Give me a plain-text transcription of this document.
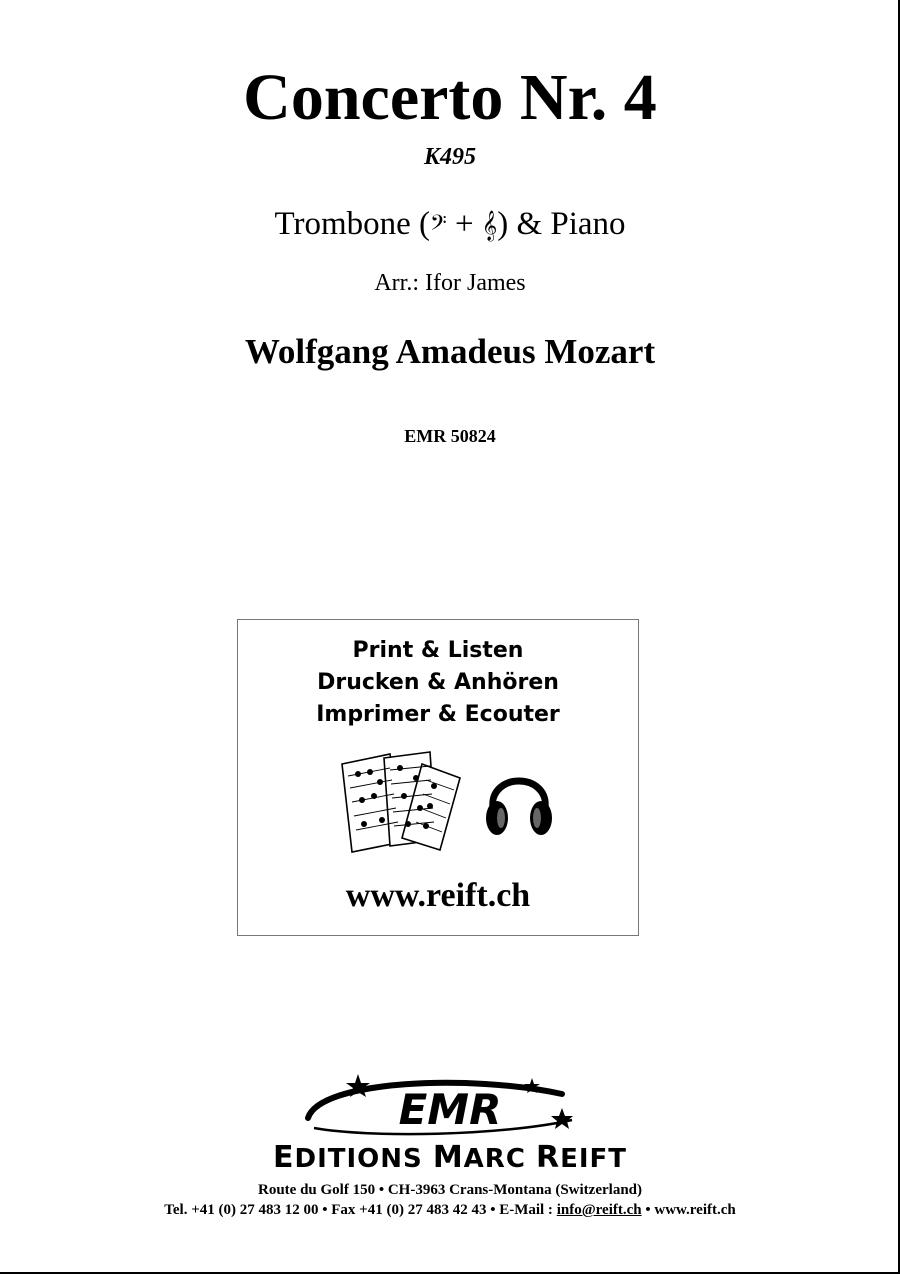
Concerto Nr. 4
K495
Trombone (𝄢 + 𝄞) & Piano
Arr.: Ifor James
Wolfgang Amadeus Mozart
EMR 50824
Print & Listen
Drucken & Anhören
Imprimer & Ecouter
www.reift.ch
EMR
EDITIONS MARC REIFT
Route du Golf 150 • CH-3963 Crans-Montana (Switzerland)
Tel. +41 (0) 27 483 12 00 • Fax +41 (0) 27 483 42 43 • E-Mail : info@reift.ch • www.reift.ch
